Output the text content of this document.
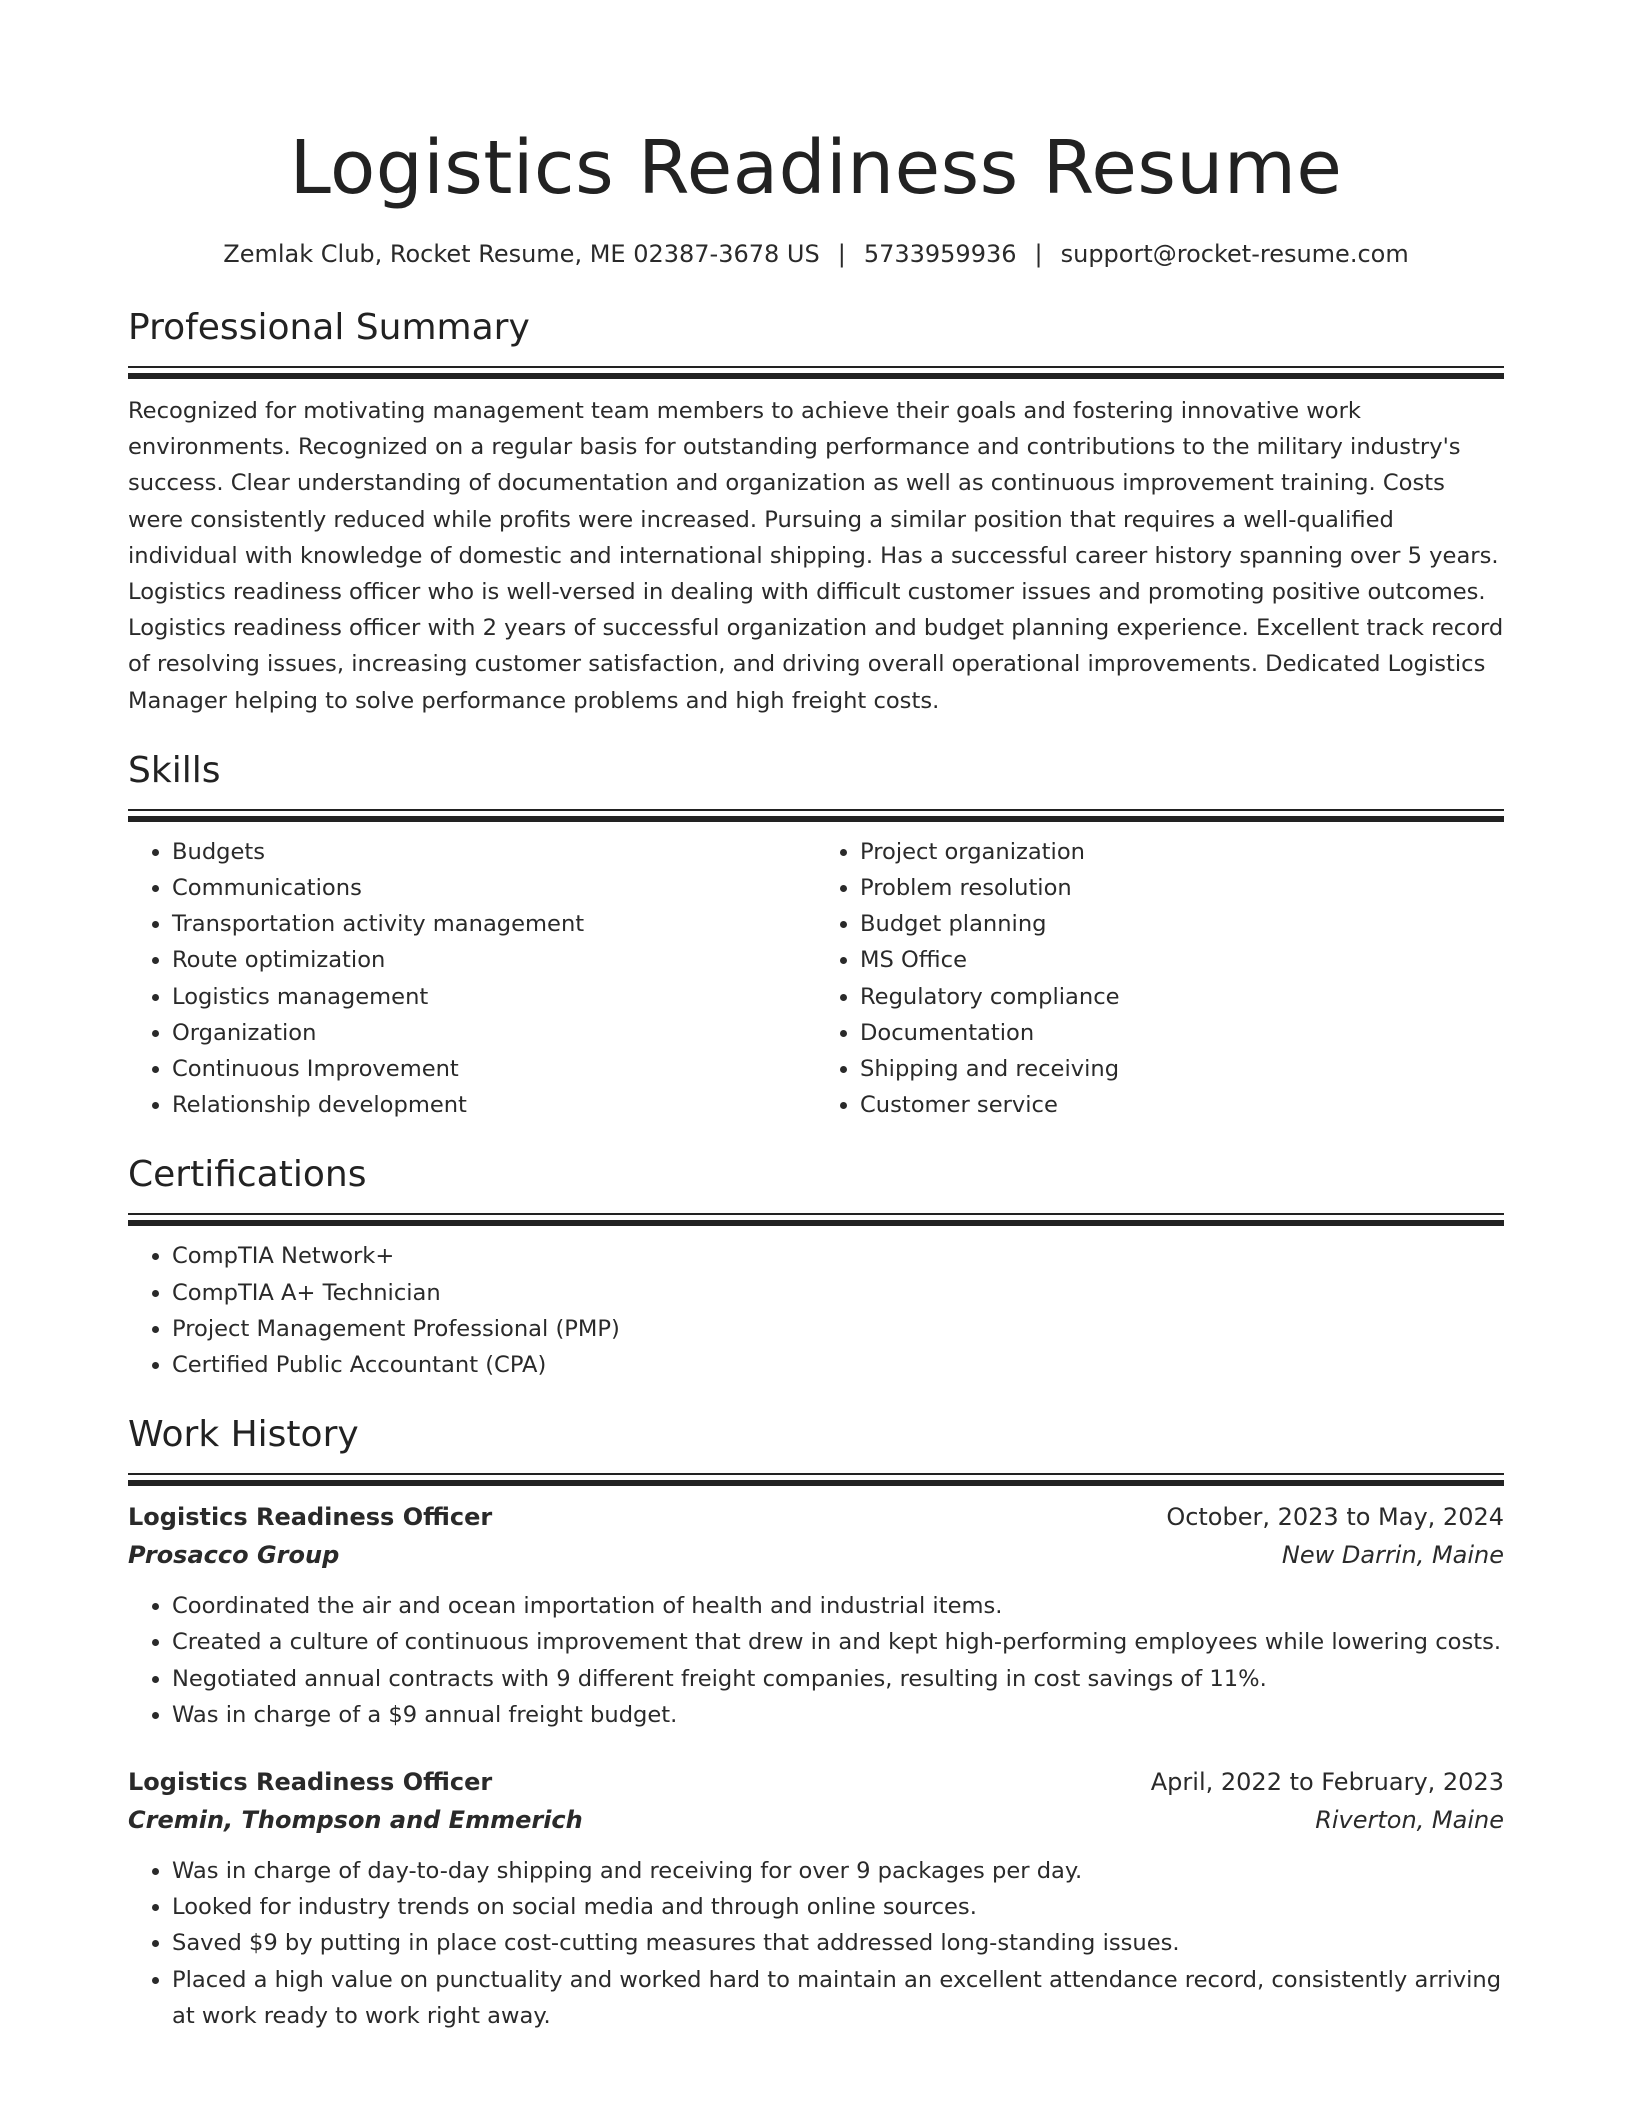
Logistics Readiness Resume
Zemlak Club, Rocket Resume, ME 02387-3678 US | 5733959936 | support@rocket-resume.com
Professional Summary

Recognized for motivating management team members to achieve their goals and fostering innovative work environments. Recognized on a regular basis for outstanding performance and contributions to the military industry's success. Clear understanding of documentation and organization as well as continuous improvement training. Costs were consistently reduced while profits were increased. Pursuing a similar position that requires a well-qualified individual with knowledge of domestic and international shipping. Has a successful career history spanning over 5 years. Logistics readiness officer who is well-versed in dealing with difficult customer issues and promoting positive outcomes. Logistics readiness officer with 2 years of successful organization and budget planning experience. Excellent track record of resolving issues, increasing customer satisfaction, and driving overall operational improvements. Dedicated Logistics Manager helping to solve performance problems and high freight costs.

Skills
• Budgets
• Communications
• Transportation activity management
• Route optimization
• Logistics management
• Organization
• Continuous Improvement
• Relationship development
• Project organization
• Problem resolution
• Budget planning
• MS Office
• Regulatory compliance
• Documentation
• Shipping and receiving
• Customer service
Certifications
• CompTIA Network+
• CompTIA A+ Technician
• Project Management Professional (PMP)
• Certified Public Accountant (CPA)
Work History
Logistics Readiness Officer	October, 2023 to May, 2024
Prosacco Group	New Darrin, Maine
• Coordinated the air and ocean importation of health and industrial items.
• Created a culture of continuous improvement that drew in and kept high-performing employees while lowering costs.
• Negotiated annual contracts with 9 different freight companies, resulting in cost savings of 11%.
• Was in charge of a $9 annual freight budget.
Logistics Readiness Officer	April, 2022 to February, 2023
Cremin, Thompson and Emmerich	Riverton, Maine
• Was in charge of day-to-day shipping and receiving for over 9 packages per day.
• Looked for industry trends on social media and through online sources.
• Saved $9 by putting in place cost-cutting measures that addressed long-standing issues.
• Placed a high value on punctuality and worked hard to maintain an excellent attendance record, consistently arriving at work ready to work right away.
